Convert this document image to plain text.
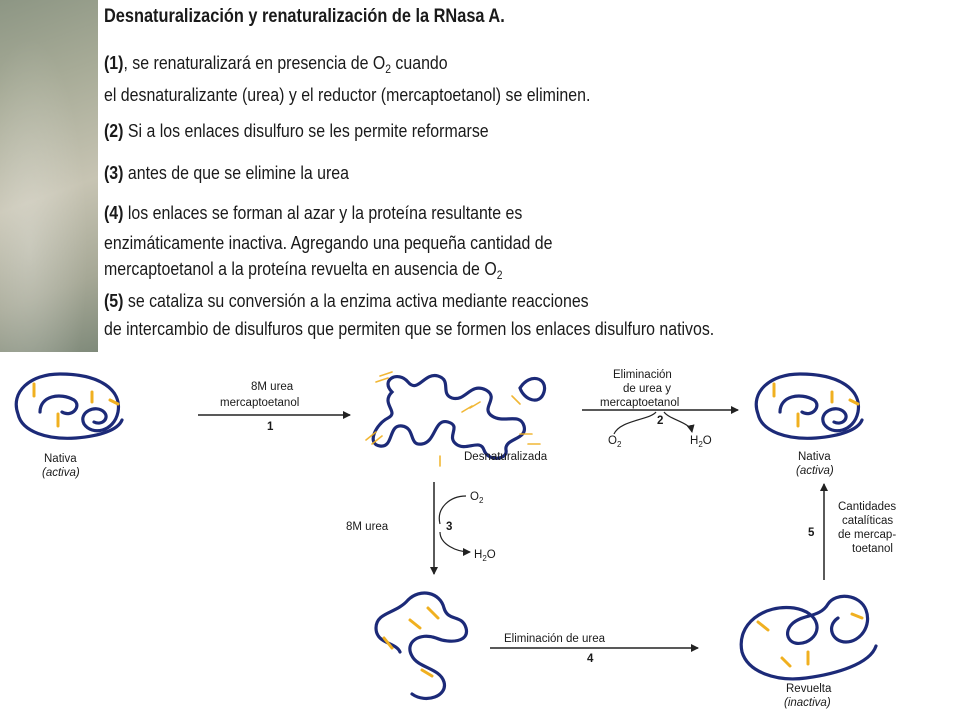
Desnaturalización y renaturalización de la RNasa A.
(1), se renaturalizará en presencia de $O_2$ cuando
el desnaturalizante (urea) y el reductor (mercaptoetanol) se eliminen.
(2) Si a los enlaces disulfuro se les permite reformarse
(3) antes de que se elimine la urea
(4) los enlaces se forman al azar y la proteína resultante es
enzimáticamente inactiva. Agregando una pequeña cantidad de
mercaptoetanol a la proteína revuelta en ausencia de $O_2$
(5) se cataliza su conversión a la enzima activa mediante reacciones
de intercambio de disulfuros que permiten que se formen los enlaces disulfuro nativos.
Nativa
(activa)
8M urea
mercaptoetanol
1
Desnaturalizada
Eliminación
de urea y
mercaptoetanol
2
$O_2$	$H_2O$
Nativa
(activa)
8M urea	3
$O_2$
$H_2O$
Eliminación de urea
4
Revuelta
(inactiva)
5
Cantidades
catalíticas
de mercap-
toetanol
